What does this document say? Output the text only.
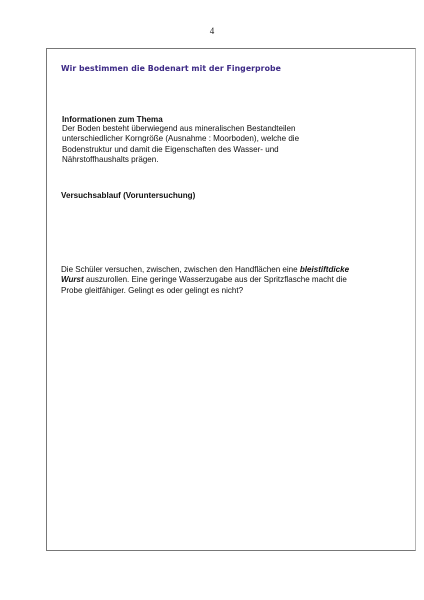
4
Wir bestimmen die Bodenart mit der Fingerprobe
Informationen zum Thema

Der Boden besteht überwiegend aus mineralischen Bestandteilen

unterschiedlicher Korngröße (Ausnahme : Moorboden), welche die

Bodenstruktur und damit die Eigenschaften des Wasser- und

Nährstoffhaushalts prägen.

Versuchsablauf (Voruntersuchung)

Die Schüler versuchen, zwischen, zwischen den Handflächen eine bleistiftdicke

Wurst auszurollen. Eine geringe Wasserzugabe aus der Spritzflasche macht die

Probe gleitfähiger. Gelingt es oder gelingt es nicht?
